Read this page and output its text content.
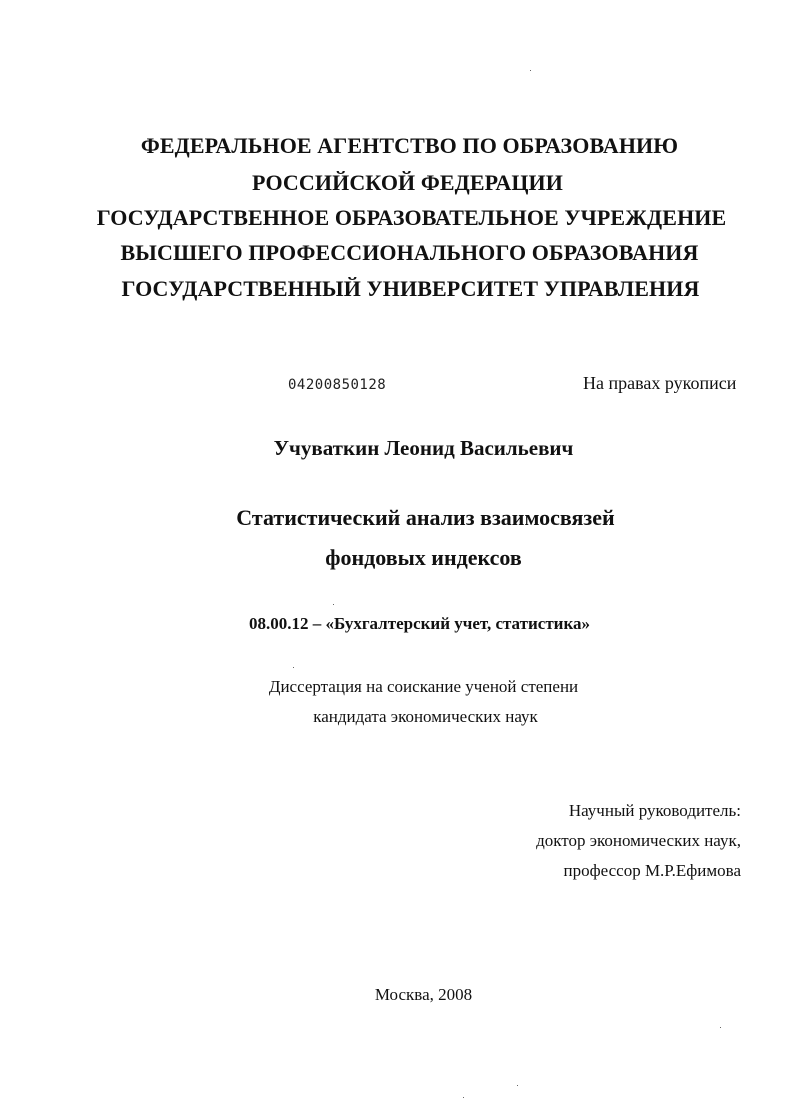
ФЕДЕРАЛЬНОЕ АГЕНТСТВО ПО ОБРАЗОВАНИЮ
РОССИЙСКОЙ ФЕДЕРАЦИИ
ГОСУДАРСТВЕННОЕ ОБРАЗОВАТЕЛЬНОЕ УЧРЕЖДЕНИЕ
ВЫСШЕГО ПРОФЕССИОНАЛЬНОГО ОБРАЗОВАНИЯ
ГОСУДАРСТВЕННЫЙ УНИВЕРСИТЕТ УПРАВЛЕНИЯ
04200850128	На правах рукописи
Учуваткин Леонид Васильевич
Статистический анализ взаимосвязей
фондовых индексов
08.00.12 – «Бухгалтерский учет, статистика»
Диссертация на соискание ученой степени
кандидата экономических наук
Научный руководитель:
доктор экономических наук,
профессор М.Р.Ефимова
Москва, 2008
